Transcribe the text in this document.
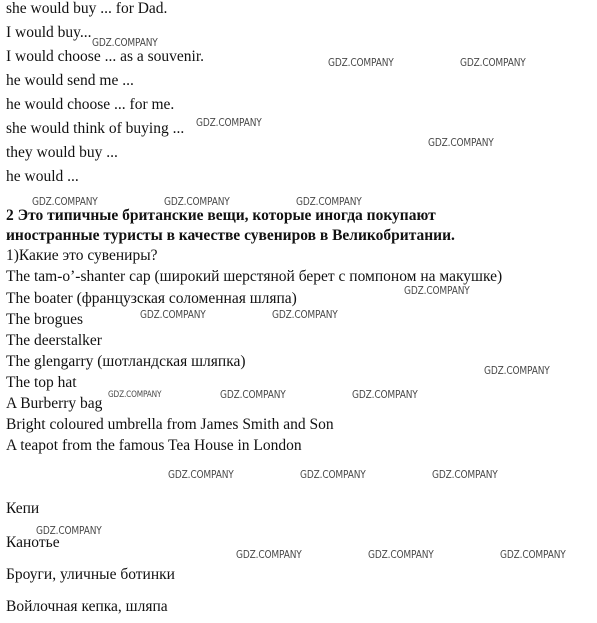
she would buy ... for Dad.
I would buy...
I would choose ... as a souvenir.
he would send me ...
he would choose ... for me.
she would think of buying ...
they would buy ...
he would ...
2 Это типичные британские вещи, которые иногда покупают
иностранные туристы в качестве сувениров в Великобритании.
1)Какие это сувениры?
The tam-o’-shanter cap (широкий шерстяной берет с помпоном на макушке)
The boater (французская соломенная шляпа)
The brogues
The deerstalker
The glengarry (шотландская шляпка)
The top hat
A Burberry bag
Bright coloured umbrella from James Smith and Son
A teapot from the famous Tea House in London
Кепи
Канотье
Броуги, уличные ботинки
Войлочная кепка, шляпа
GDZ.COMPANY
GDZ.COMPANY	GDZ.COMPANY
GDZ.COMPANY
GDZ.COMPANY
GDZ.COMPANY	GDZ.COMPANY	GDZ.COMPANY
GDZ.COMPANY
GDZ.COMPANY	GDZ.COMPANY
GDZ.COMPANY
GDZ.COMPANY	GDZ.COMPANY	GDZ.COMPANY
GDZ.COMPANY	GDZ.COMPANY	GDZ.COMPANY
GDZ.COMPANY
GDZ.COMPANY	GDZ.COMPANY	GDZ.COMPANY
